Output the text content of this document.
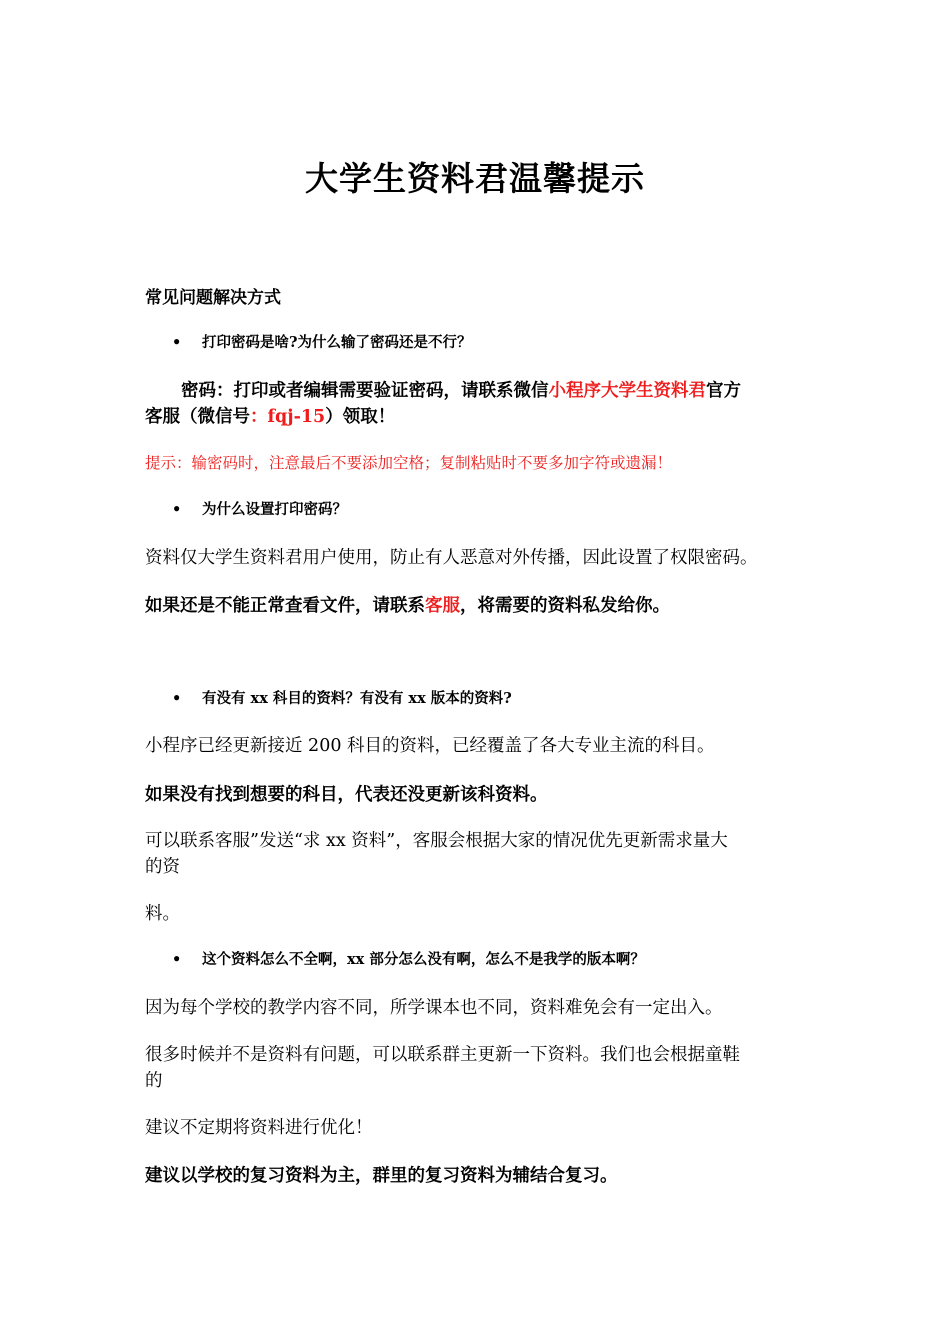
大学生资料君温馨提示
常见问题解决方式
• 打印密码是啥?为什么输了密码还是不行？
密码：打印或者编辑需要验证密码，请联系微信小程序大学生资料君官方
客服（微信号：fqj-15）领取！
提示：输密码时，注意最后不要添加空格；复制粘贴时不要多加字符或遗漏！
• 为什么设置打印密码？
资料仅大学生资料君用户使用，防止有人恶意对外传播，因此设置了权限密码。
如果还是不能正常查看文件，请联系客服，将需要的资料私发给你。
• 有没有 xx 科目的资料？有没有 xx 版本的资料?
小程序已经更新接近 200 科目的资料，已经覆盖了各大专业主流的科目。
如果没有找到想要的科目，代表还没更新该科资料。
可以联系客服”发送“求 xx 资料”，客服会根据大家的情况优先更新需求量大
的资
料。
• 这个资料怎么不全啊，xx 部分怎么没有啊，怎么不是我学的版本啊？
因为每个学校的教学内容不同，所学课本也不同，资料难免会有一定出入。
很多时候并不是资料有问题，可以联系群主更新一下资料。我们也会根据童鞋
的
建议不定期将资料进行优化！
建议以学校的复习资料为主，群里的复习资料为辅结合复习。
